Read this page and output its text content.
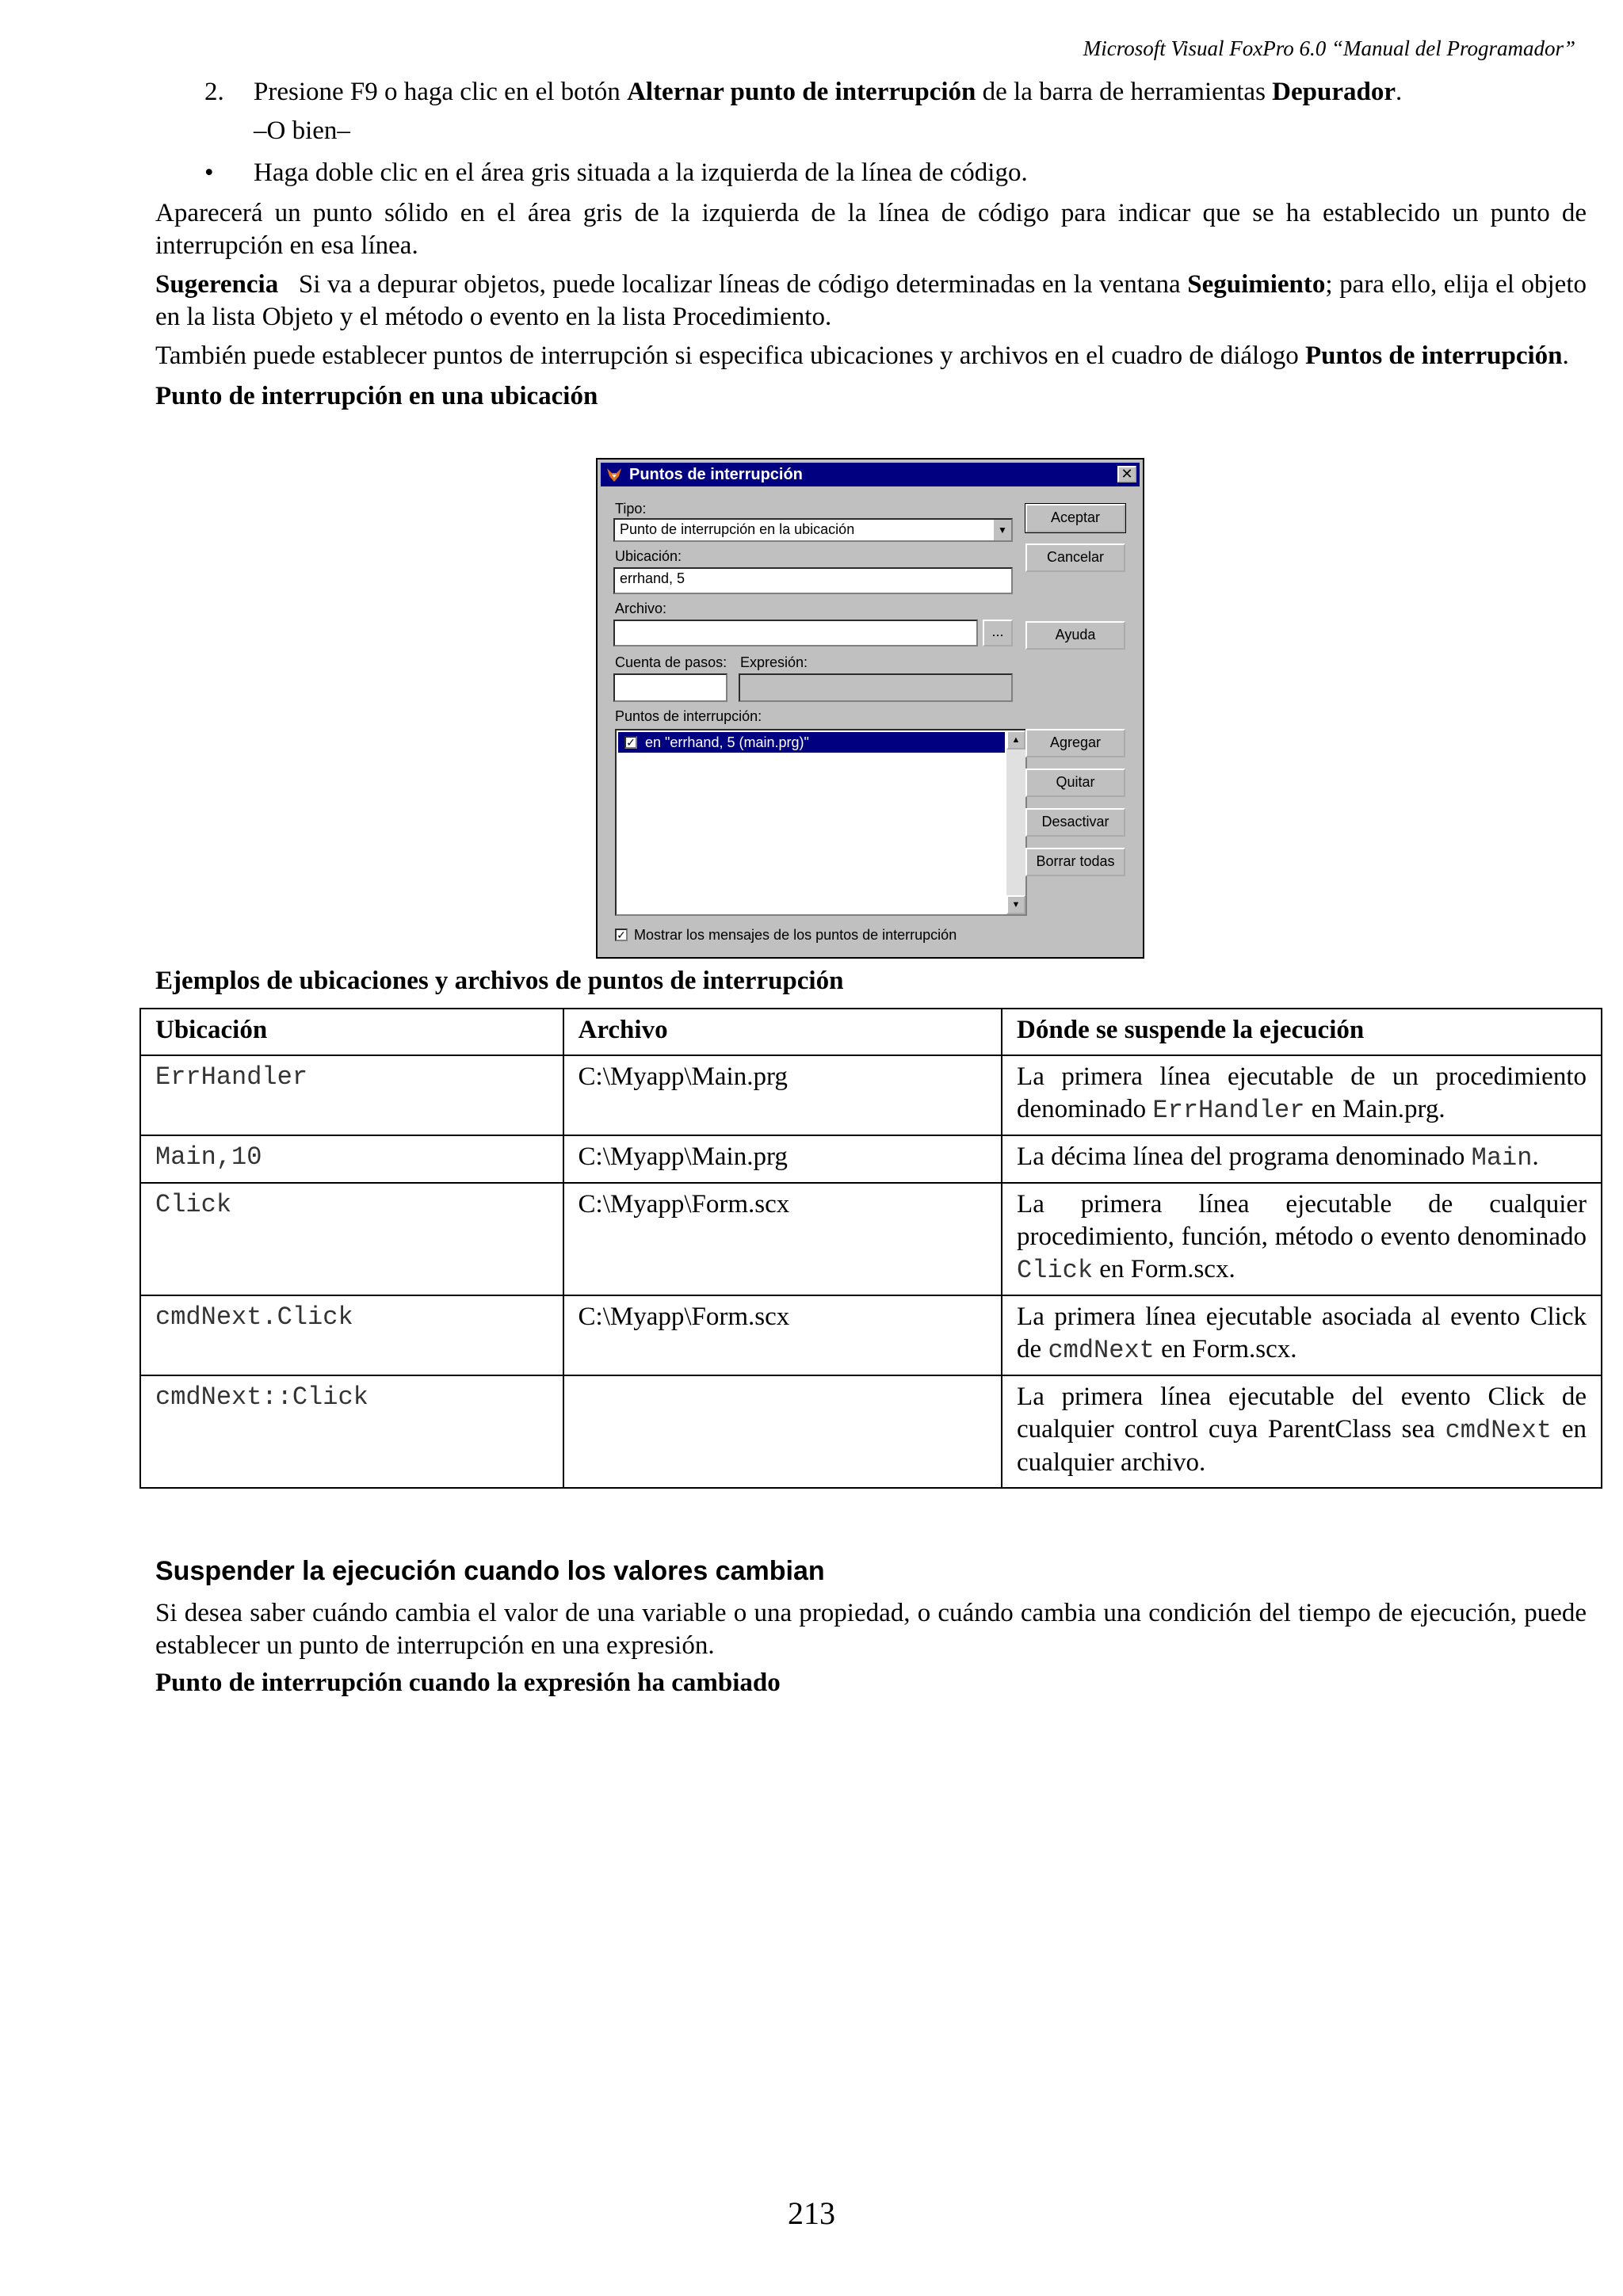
Microsoft Visual FoxPro 6.0 “Manual del Programador”

2. Presione F9 o haga clic en el botón Alternar punto de interrupción de la barra de herramientas Depurador.

–O bien–

• Haga doble clic en el área gris situada a la izquierda de la línea de código.

Aparecerá un punto sólido en el área gris de la izquierda de la línea de código para indicar que se ha establecido un punto de interrupción en esa línea.

Sugerencia Si va a depurar objetos, puede localizar líneas de código determinadas en la ventana Seguimiento; para ello, elija el objeto en la lista Objeto y el método o evento en la lista Procedimiento.

También puede establecer puntos de interrupción si especifica ubicaciones y archivos en el cuadro de diálogo Puntos de interrupción.

Punto de interrupción en una ubicación

Puntos de interrupción	✕
Tipo:
Punto de interrupción en la ubicación	▼
Ubicación:
errhand, 5
Archivo:
...
Cuenta de pasos: Expresión:
Puntos de interrupción:
✓ en "errhand, 5 (main.prg)"	▲
▼
✓ Mostrar los mensajes de los puntos de interrupción
Aceptar
Cancelar
Ayuda
Agregar
Quitar
Desactivar
Borrar todas
Ejemplos de ubicaciones y archivos de puntos de interrupción
Ubicación	Archivo	Dónde se suspende la ejecución
ErrHandler	C:\Myapp\Main.prg	La primera línea ejecutable de un procedimiento denominado ErrHandler en Main.prg.
Main,10	C:\Myapp\Main.prg	La décima línea del programa denominado Main.
Click	C:\Myapp\Form.scx	La primera línea ejecutable de cualquier procedimiento, función, método o evento denominado Click en Form.scx.
cmdNext.Click	C:\Myapp\Form.scx	La primera línea ejecutable asociada al evento Click de cmdNext en Form.scx.
cmdNext::Click		La primera línea ejecutable del evento Click de cualquier control cuya ParentClass sea cmdNext en cualquier archivo.
Suspender la ejecución cuando los valores cambian

Si desea saber cuándo cambia el valor de una variable o una propiedad, o cuándo cambia una condición del tiempo de ejecución, puede establecer un punto de interrupción en una expresión.

Punto de interrupción cuando la expresión ha cambiado
213
